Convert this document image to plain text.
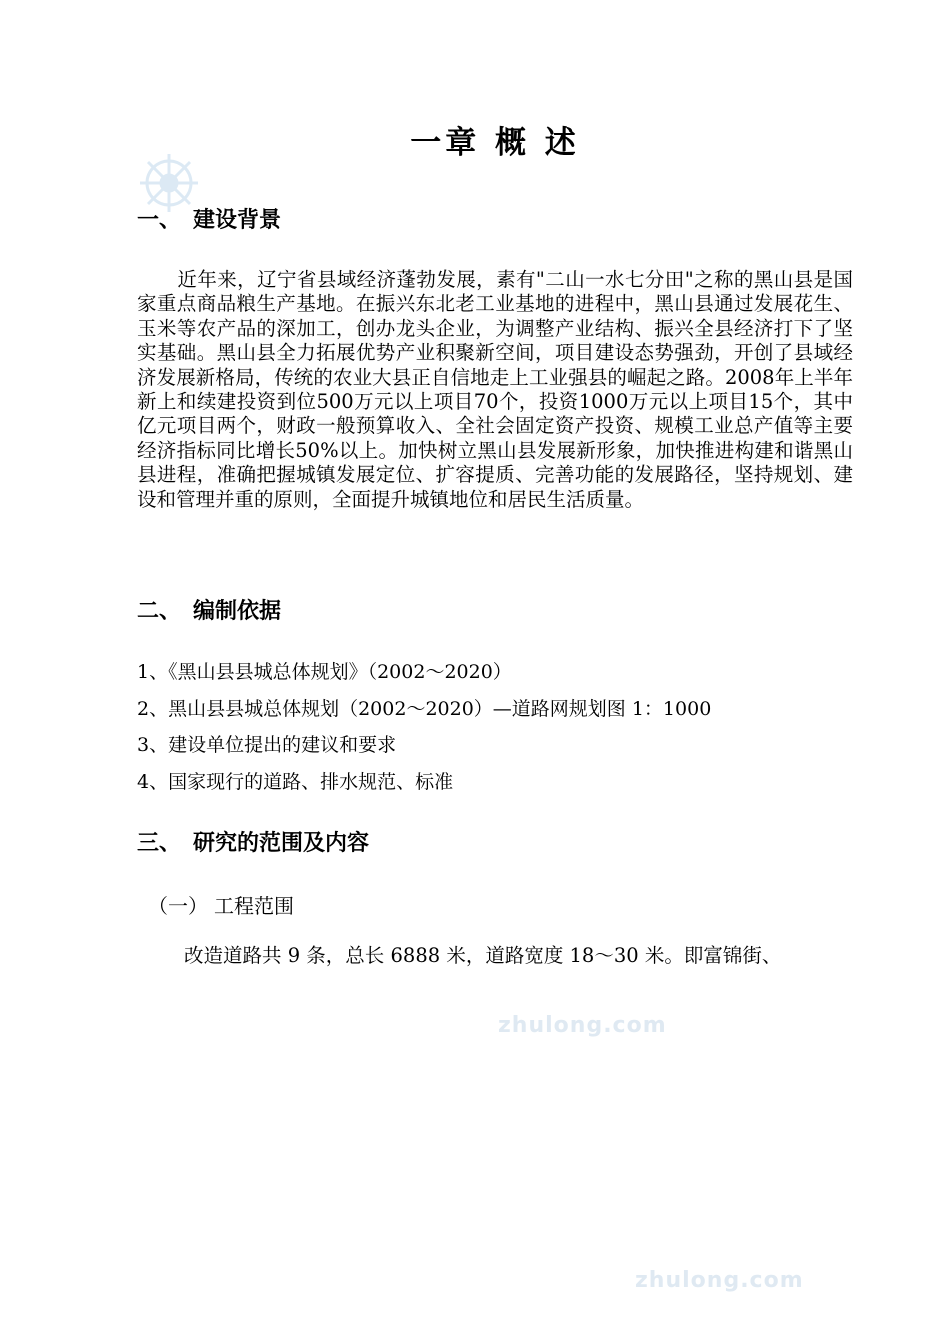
一章 概 述
一、 建设背景
近年来，辽宁省县域经济蓬勃发展，素有"二山一水七分田"之称的黑山县是国家重点商品粮生产基地。在振兴东北老工业基地的进程中，黑山县通过发展花生、玉米等农产品的深加工，创办龙头企业，为调整产业结构、振兴全县经济打下了坚实基础。黑山县全力拓展优势产业积聚新空间，项目建设态势强劲，开创了县域经济发展新格局，传统的农业大县正自信地走上工业强县的崛起之路。2008年上半年新上和续建投资到位500万元以上项目70个，投资1000万元以上项目15个，其中亿元项目两个，财政一般预算收入、全社会固定资产投资、规模工业总产值等主要经济指标同比增长50%以上。加快树立黑山县发展新形象，加快推进构建和谐黑山县进程，准确把握城镇发展定位、扩容提质、完善功能的发展路径，坚持规划、建设和管理并重的原则，全面提升城镇地位和居民生活质量。
二、 编制依据
1、《黑山县县城总体规划》（2002～2020）
2、黑山县县城总体规划（2002～2020）—道路网规划图 1：1000
3、建设单位提出的建议和要求
4、国家现行的道路、排水规范、标准
三、 研究的范围及内容
（一） 工程范围
改造道路共 9 条，总长 6888 米，道路宽度 18～30 米。即富锦街、
zhulong.com
zhulong.com
